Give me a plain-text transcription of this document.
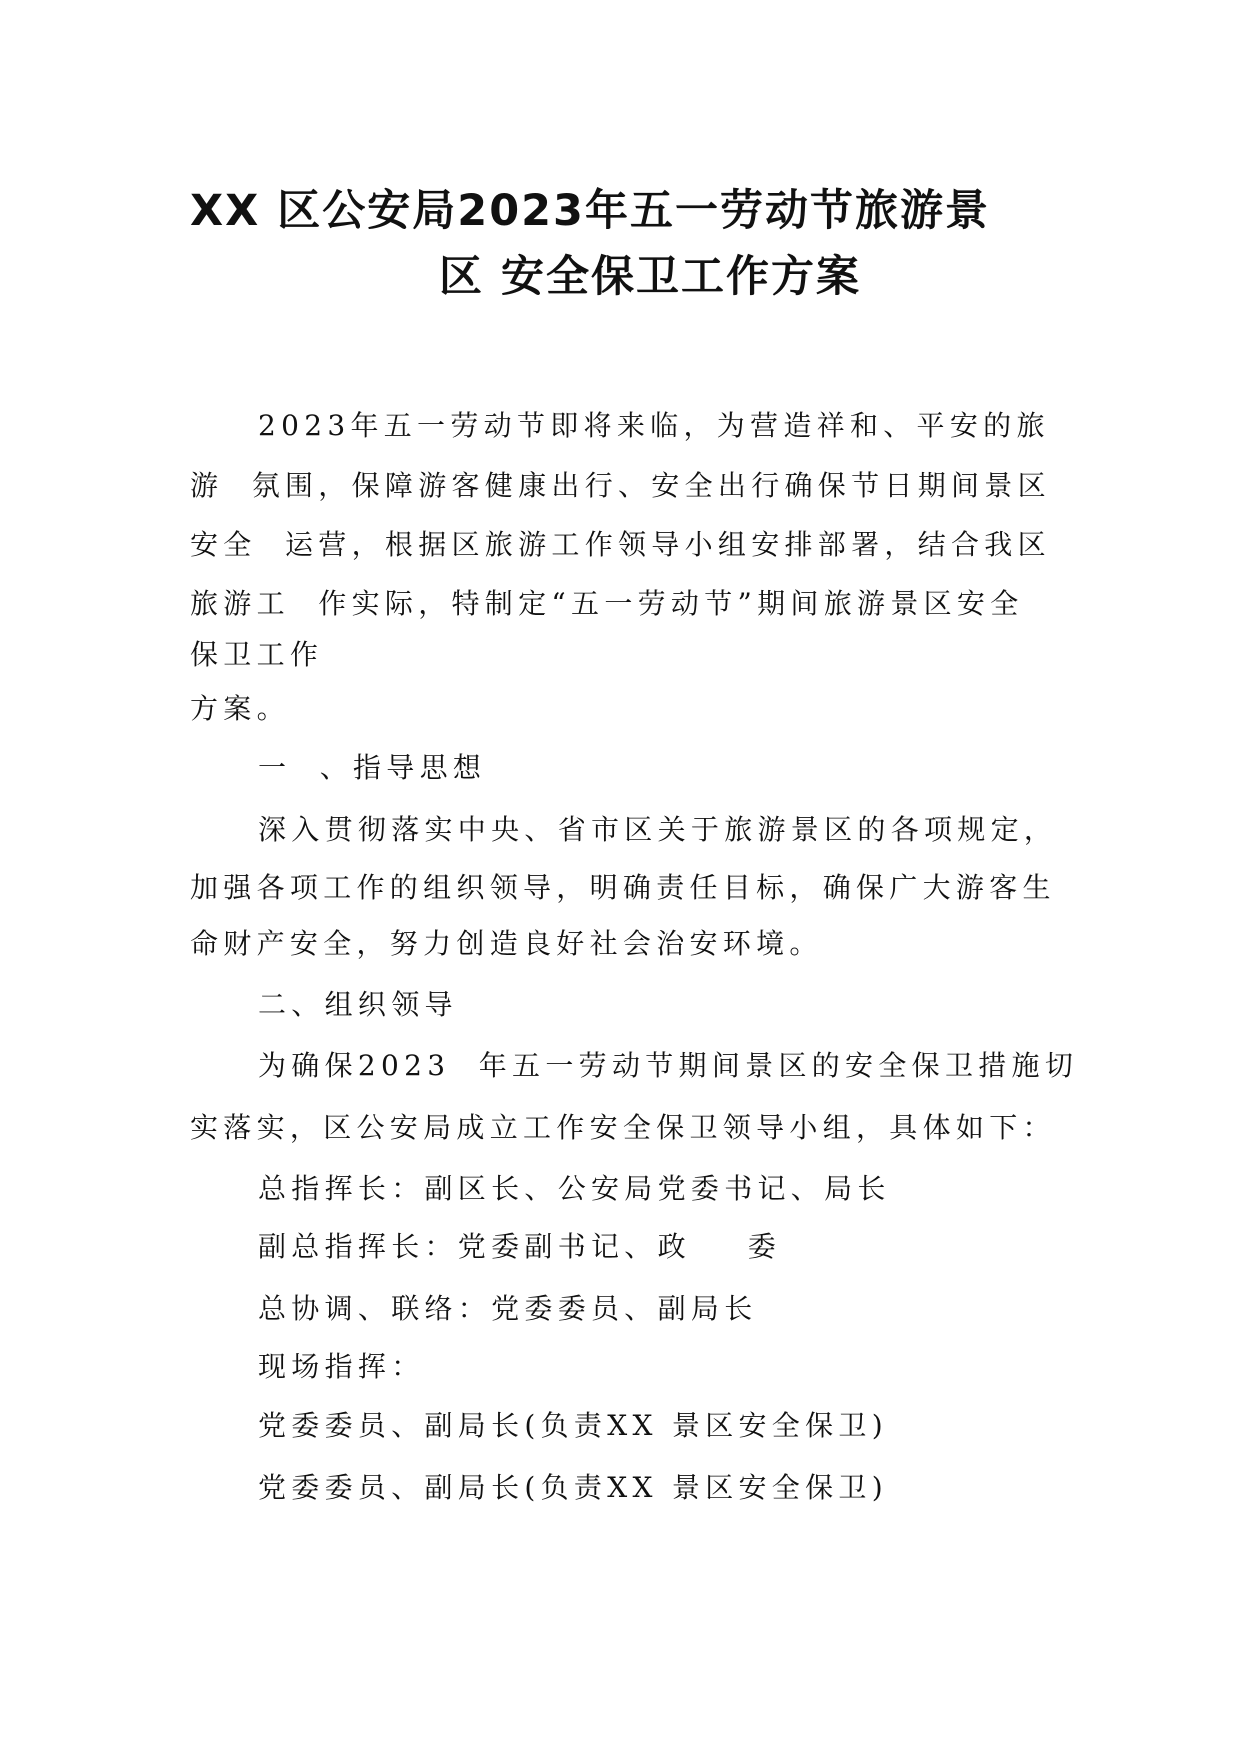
XX 区公安局2023年五一劳动节旅游景
区 安全保卫工作方案
2023年五一劳动节即将来临，为营造祥和、平安的旅
游  氛围，保障游客健康出行、安全出行确保节日期间景区
安全  运营，根据区旅游工作领导小组安排部署，结合我区
旅游工  作实际，特制定“五一劳动节”期间旅游景区安全
保卫工作
方案。
一  、指导思想
深入贯彻落实中央、省市区关于旅游景区的各项规定，
加强各项工作的组织领导，明确责任目标，确保广大游客生
命财产安全，努力创造良好社会治安环境。
二、组织领导
为确保2023  年五一劳动节期间景区的安全保卫措施切
实落实，区公安局成立工作安全保卫领导小组，具体如下：
总指挥长：副区长、公安局党委书记、局长
副总指挥长：党委副书记、政    委
总协调、联络：党委委员、副局长
现场指挥：
党委委员、副局长(负责XX 景区安全保卫)
党委委员、副局长(负责XX 景区安全保卫)
